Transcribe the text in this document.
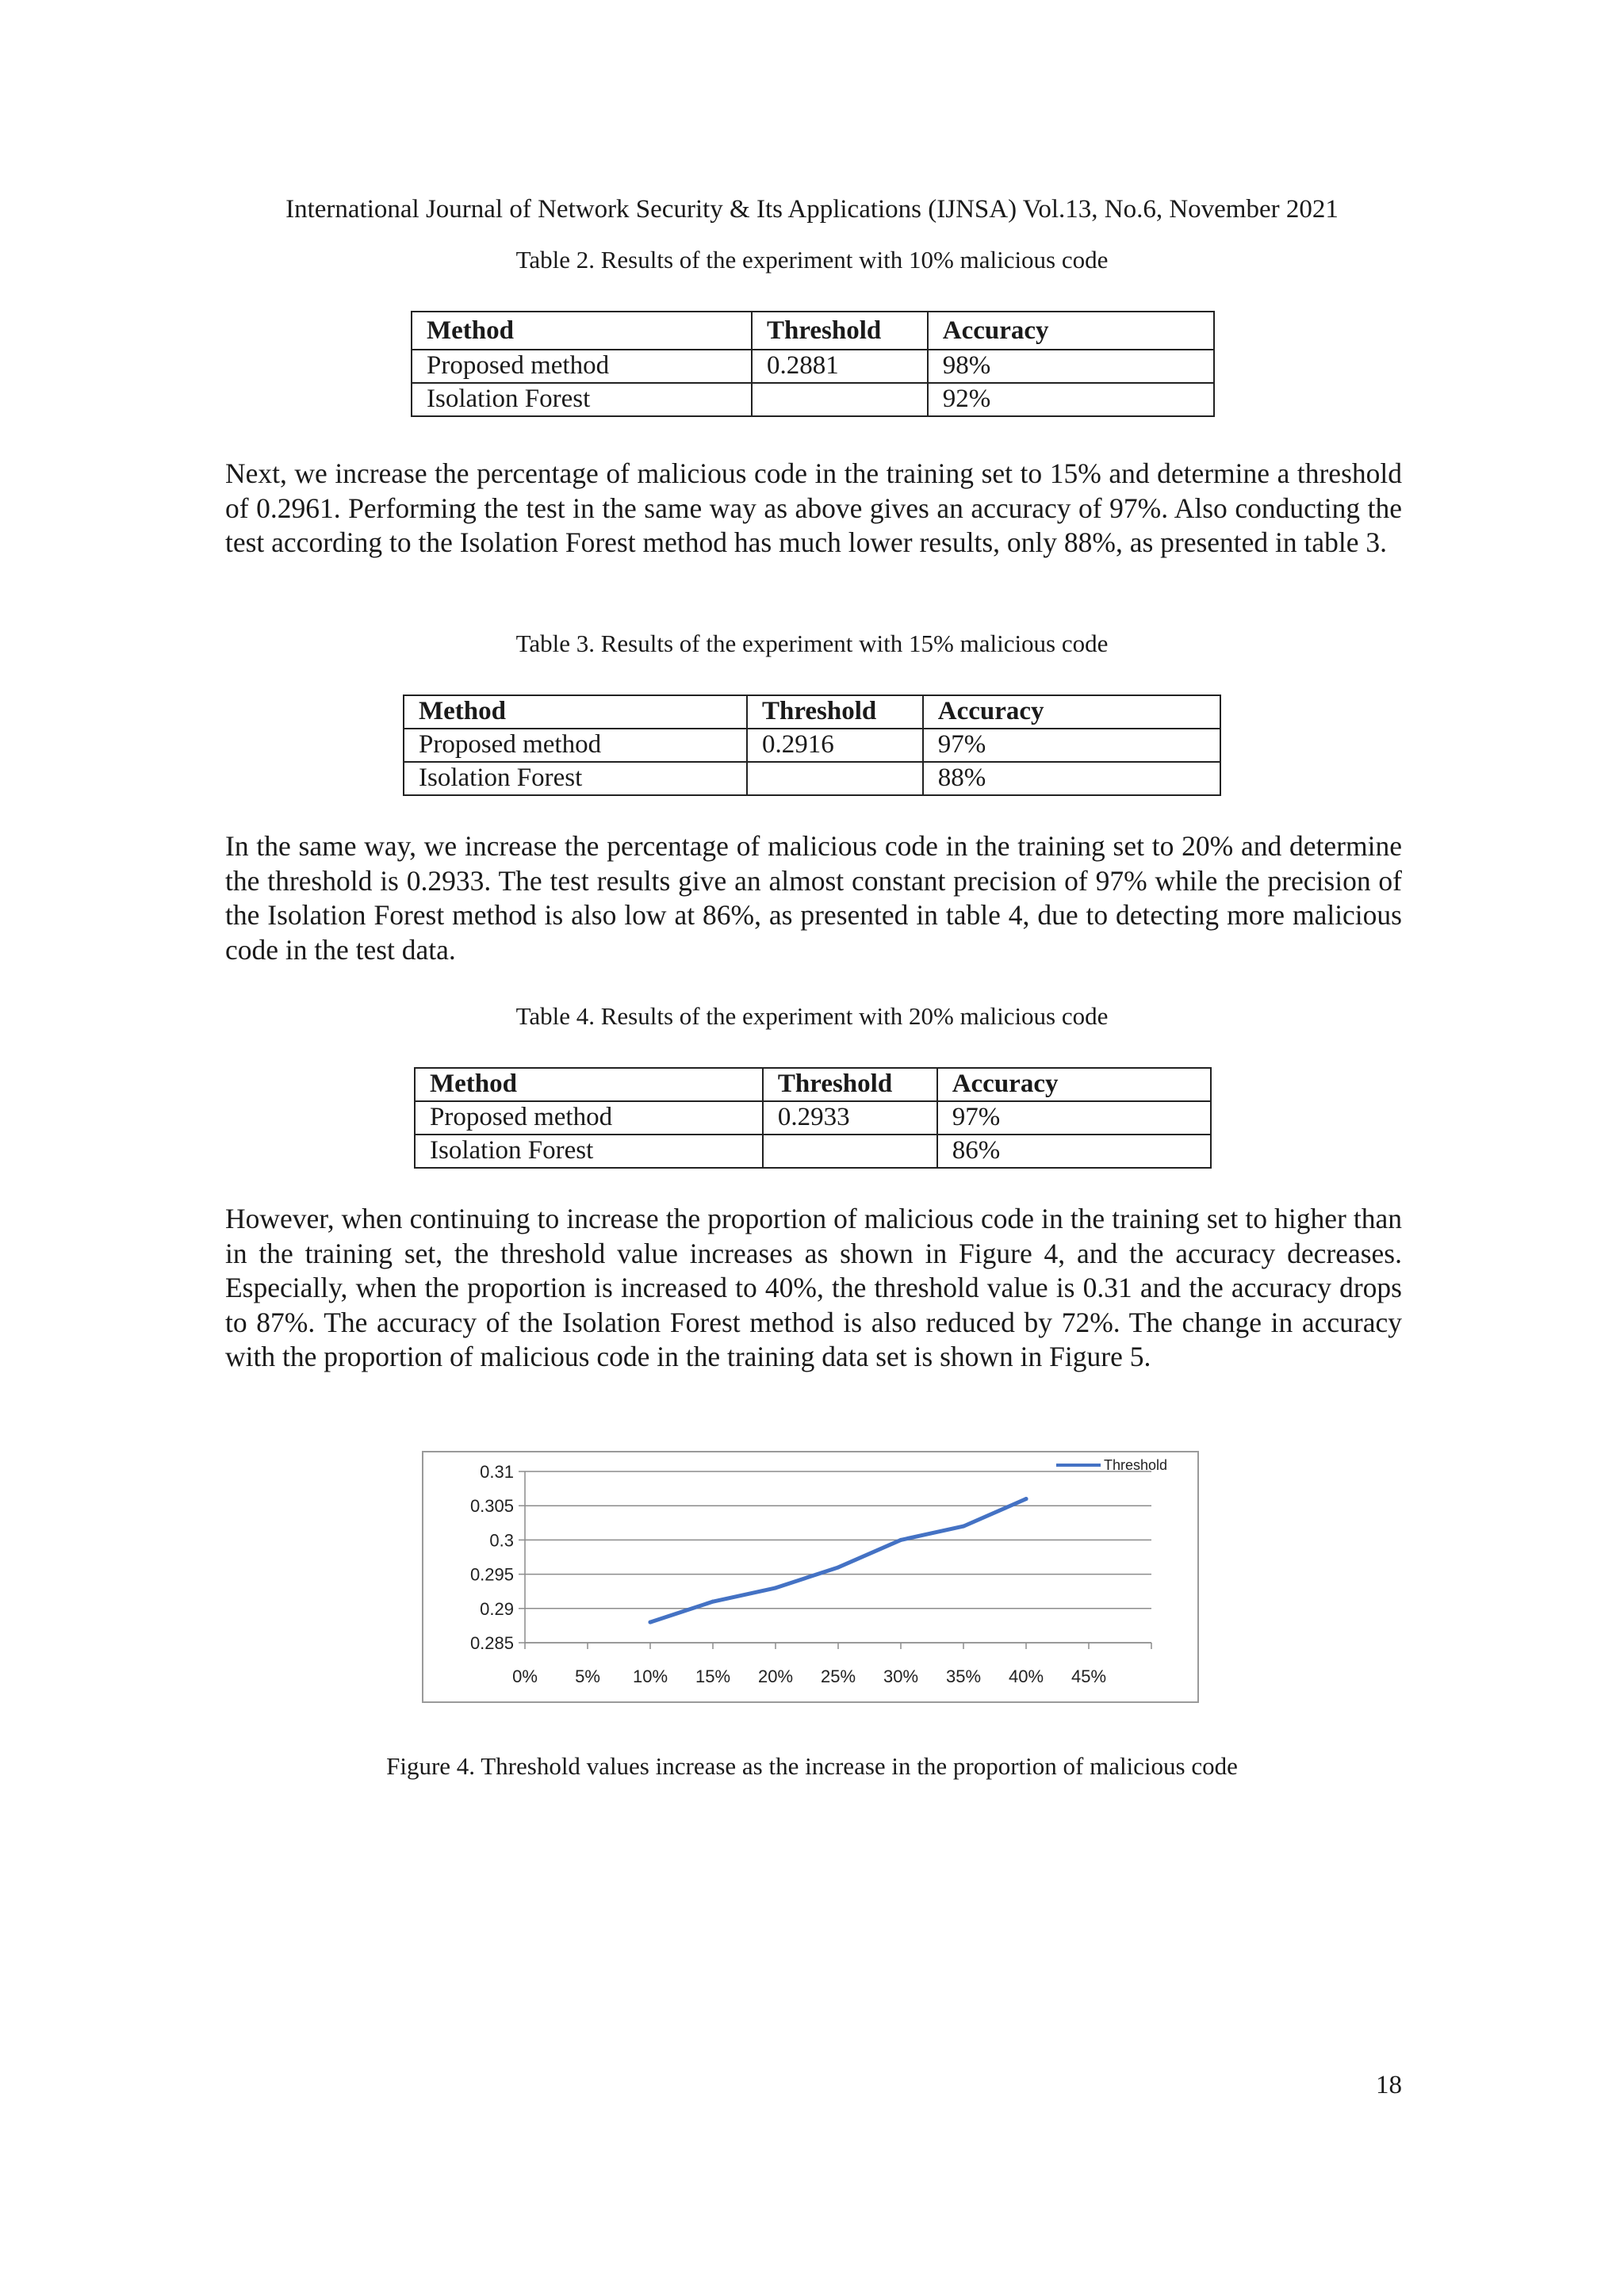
International Journal of Network Security & Its Applications (IJNSA) Vol.13, No.6, November 2021
Table 2. Results of the experiment with 10% malicious code
Method	Threshold	Accuracy
Proposed method	0.2881	98%
Isolation Forest		92%

Next, we increase the percentage of malicious code in the training set to 15% and determine a threshold of 0.2961. Performing the test in the same way as above gives an accuracy of 97%. Also conducting the test according to the Isolation Forest method has much lower results, only 88%, as presented in table 3.

Table 3. Results of the experiment with 15% malicious code
Method	Threshold	Accuracy
Proposed method	0.2916	97%
Isolation Forest		88%

In the same way, we increase the percentage of malicious code in the training set to 20% and determine the threshold is 0.2933. The test results give an almost constant precision of 97% while the precision of the Isolation Forest method is also low at 86%, as presented in table 4, due to detecting more malicious code in the test data.

Table 4. Results of the experiment with 20% malicious code
Method	Threshold	Accuracy
Proposed method	0.2933	97%
Isolation Forest		86%

However, when continuing to increase the proportion of malicious code in the training set to higher than in the training set, the threshold value increases as shown in Figure 4, and the accuracy decreases. Especially, when the proportion is increased to 40%, the threshold value is 0.31 and the accuracy drops to 87%. The accuracy of the Isolation Forest method is also reduced by 72%. The change in accuracy with the proportion of malicious code in the training data set is shown in Figure 5.

0.285
0.29
0.295
0.3
0.305
0.31
0% 5% 10% 15% 20% 25% 30% 35% 40% 45%
Threshold
Figure 4. Threshold values increase as the increase in the proportion of malicious code
18
